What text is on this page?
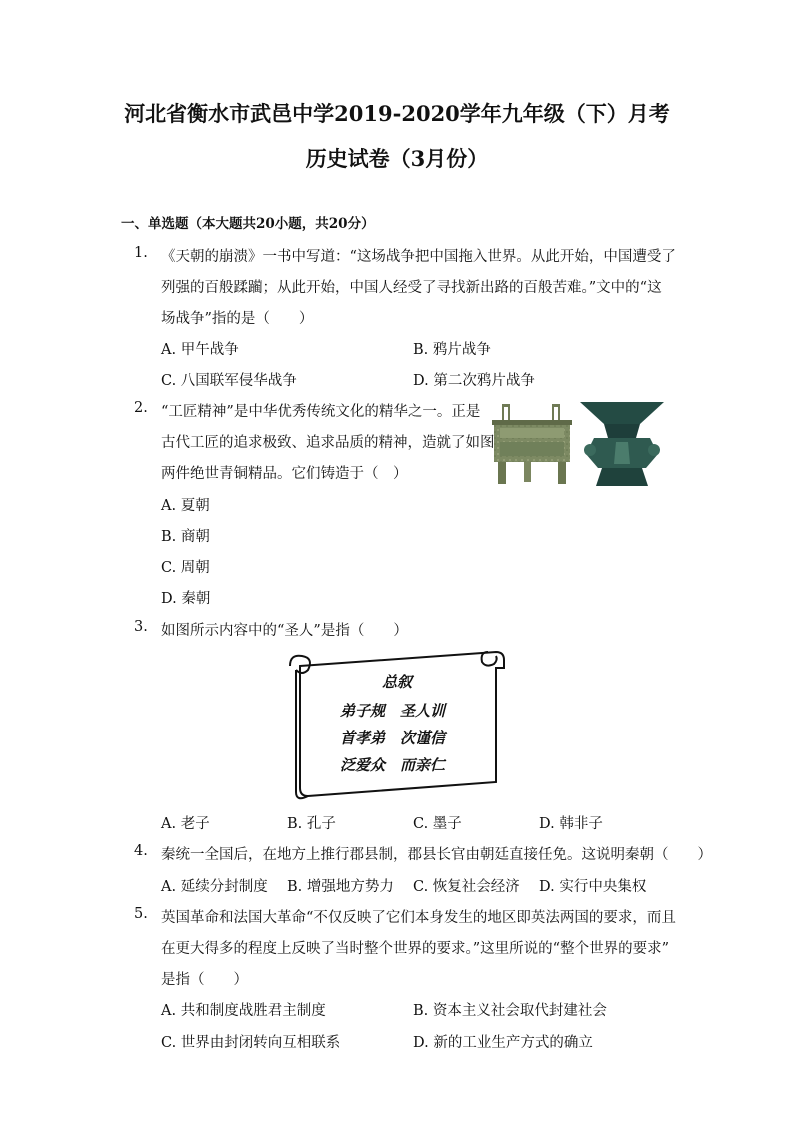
河北省衡水市武邑中学2019-2020学年九年级（下）月考
历史试卷（3月份）
一、单选题（本大题共20小题，共20分）
1. 《天朝的崩溃》一书中写道：“这场战争把中国拖入世界。从此开始，中国遭受了
列强的百般蹂躏；从此开始，中国人经受了寻找新出路的百般苦难。”文中的“这
场战争”指的是（　　）
A. 甲午战争	B. 鸦片战争
C. 八国联军侵华战争	D. 第二次鸦片战争
2. “工匠精神”是中华优秀传统文化的精华之一。正是
古代工匠的追求极致、追求品质的精神，造就了如图
两件绝世青铜精品。它们铸造于（　）
A. 夏朝
B. 商朝
C. 周朝
D. 秦朝
3. 如图所示内容中的“圣人”是指（　　）
总叙
弟子规　圣人训
首孝弟　次谨信
泛爱众　而亲仁
A. 老子	B. 孔子	C. 墨子	D. 韩非子
4. 秦统一全国后，在地方上推行郡县制，郡县长官由朝廷直接任免。这说明秦朝（　　）
A. 延续分封制度 B. 增强地方势力 C. 恢复社会经济 D. 实行中央集权
5. 英国革命和法国大革命“不仅反映了它们本身发生的地区即英法两国的要求，而且
在更大得多的程度上反映了当时整个世界的要求。”这里所说的“整个世界的要求”
是指（　　）
A. 共和制度战胜君主制度	B. 资本主义社会取代封建社会
C. 世界由封闭转向互相联系	D. 新的工业生产方式的确立
